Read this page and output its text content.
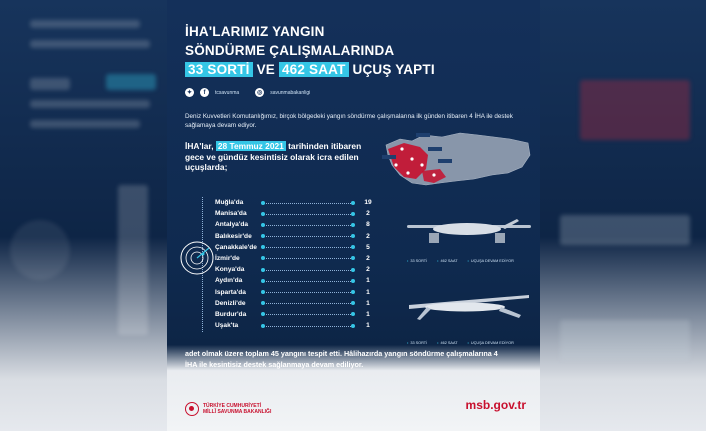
İHA'LARIMIZ YANGIN
SÖNDÜRME ÇALIŞMALARINDA
33 SORTİ VE 462 SAAT UÇUŞ YAPTI
✦	f	tcsavunma	◎	savunmabakanligi
Deniz Kuvvetleri Komutanlığımız, birçok bölgedeki yangın söndürme çalışmalarına ilk günden itibaren 4 İHA ile destek sağlamaya devam ediyor.
İHA'lar, 28 Temmuz 2021 tarihinden itibaren gece ve gündüz kesintisiz olarak icra edilen uçuşlarda;
Muğla'da	19
Manisa'da	2
Antalya'da	8
Balıkesir'de	2
Çanakkale'de	5
İzmir'de	2
Konya'da	2
Aydın'da	1
Isparta'da	1
Denizli'de	1
Burdur'da	1
Uşak'ta	1
• 33 SORTİ	• 462 SAAT	• UÇUŞA DEVAM EDİYOR
• 33 SORTİ	• 462 SAAT	• UÇUŞA DEVAM EDİYOR
adet olmak üzere toplam 45 yangını tespit etti. Hâlihazırda yangın söndürme çalışmalarına 4 İHA ile kesintisiz destek sağlanmaya devam ediliyor.
TÜRKİYE CUMHURİYETİ
MİLLÎ SAVUNMA BAKANLIĞI	msb.gov.tr
